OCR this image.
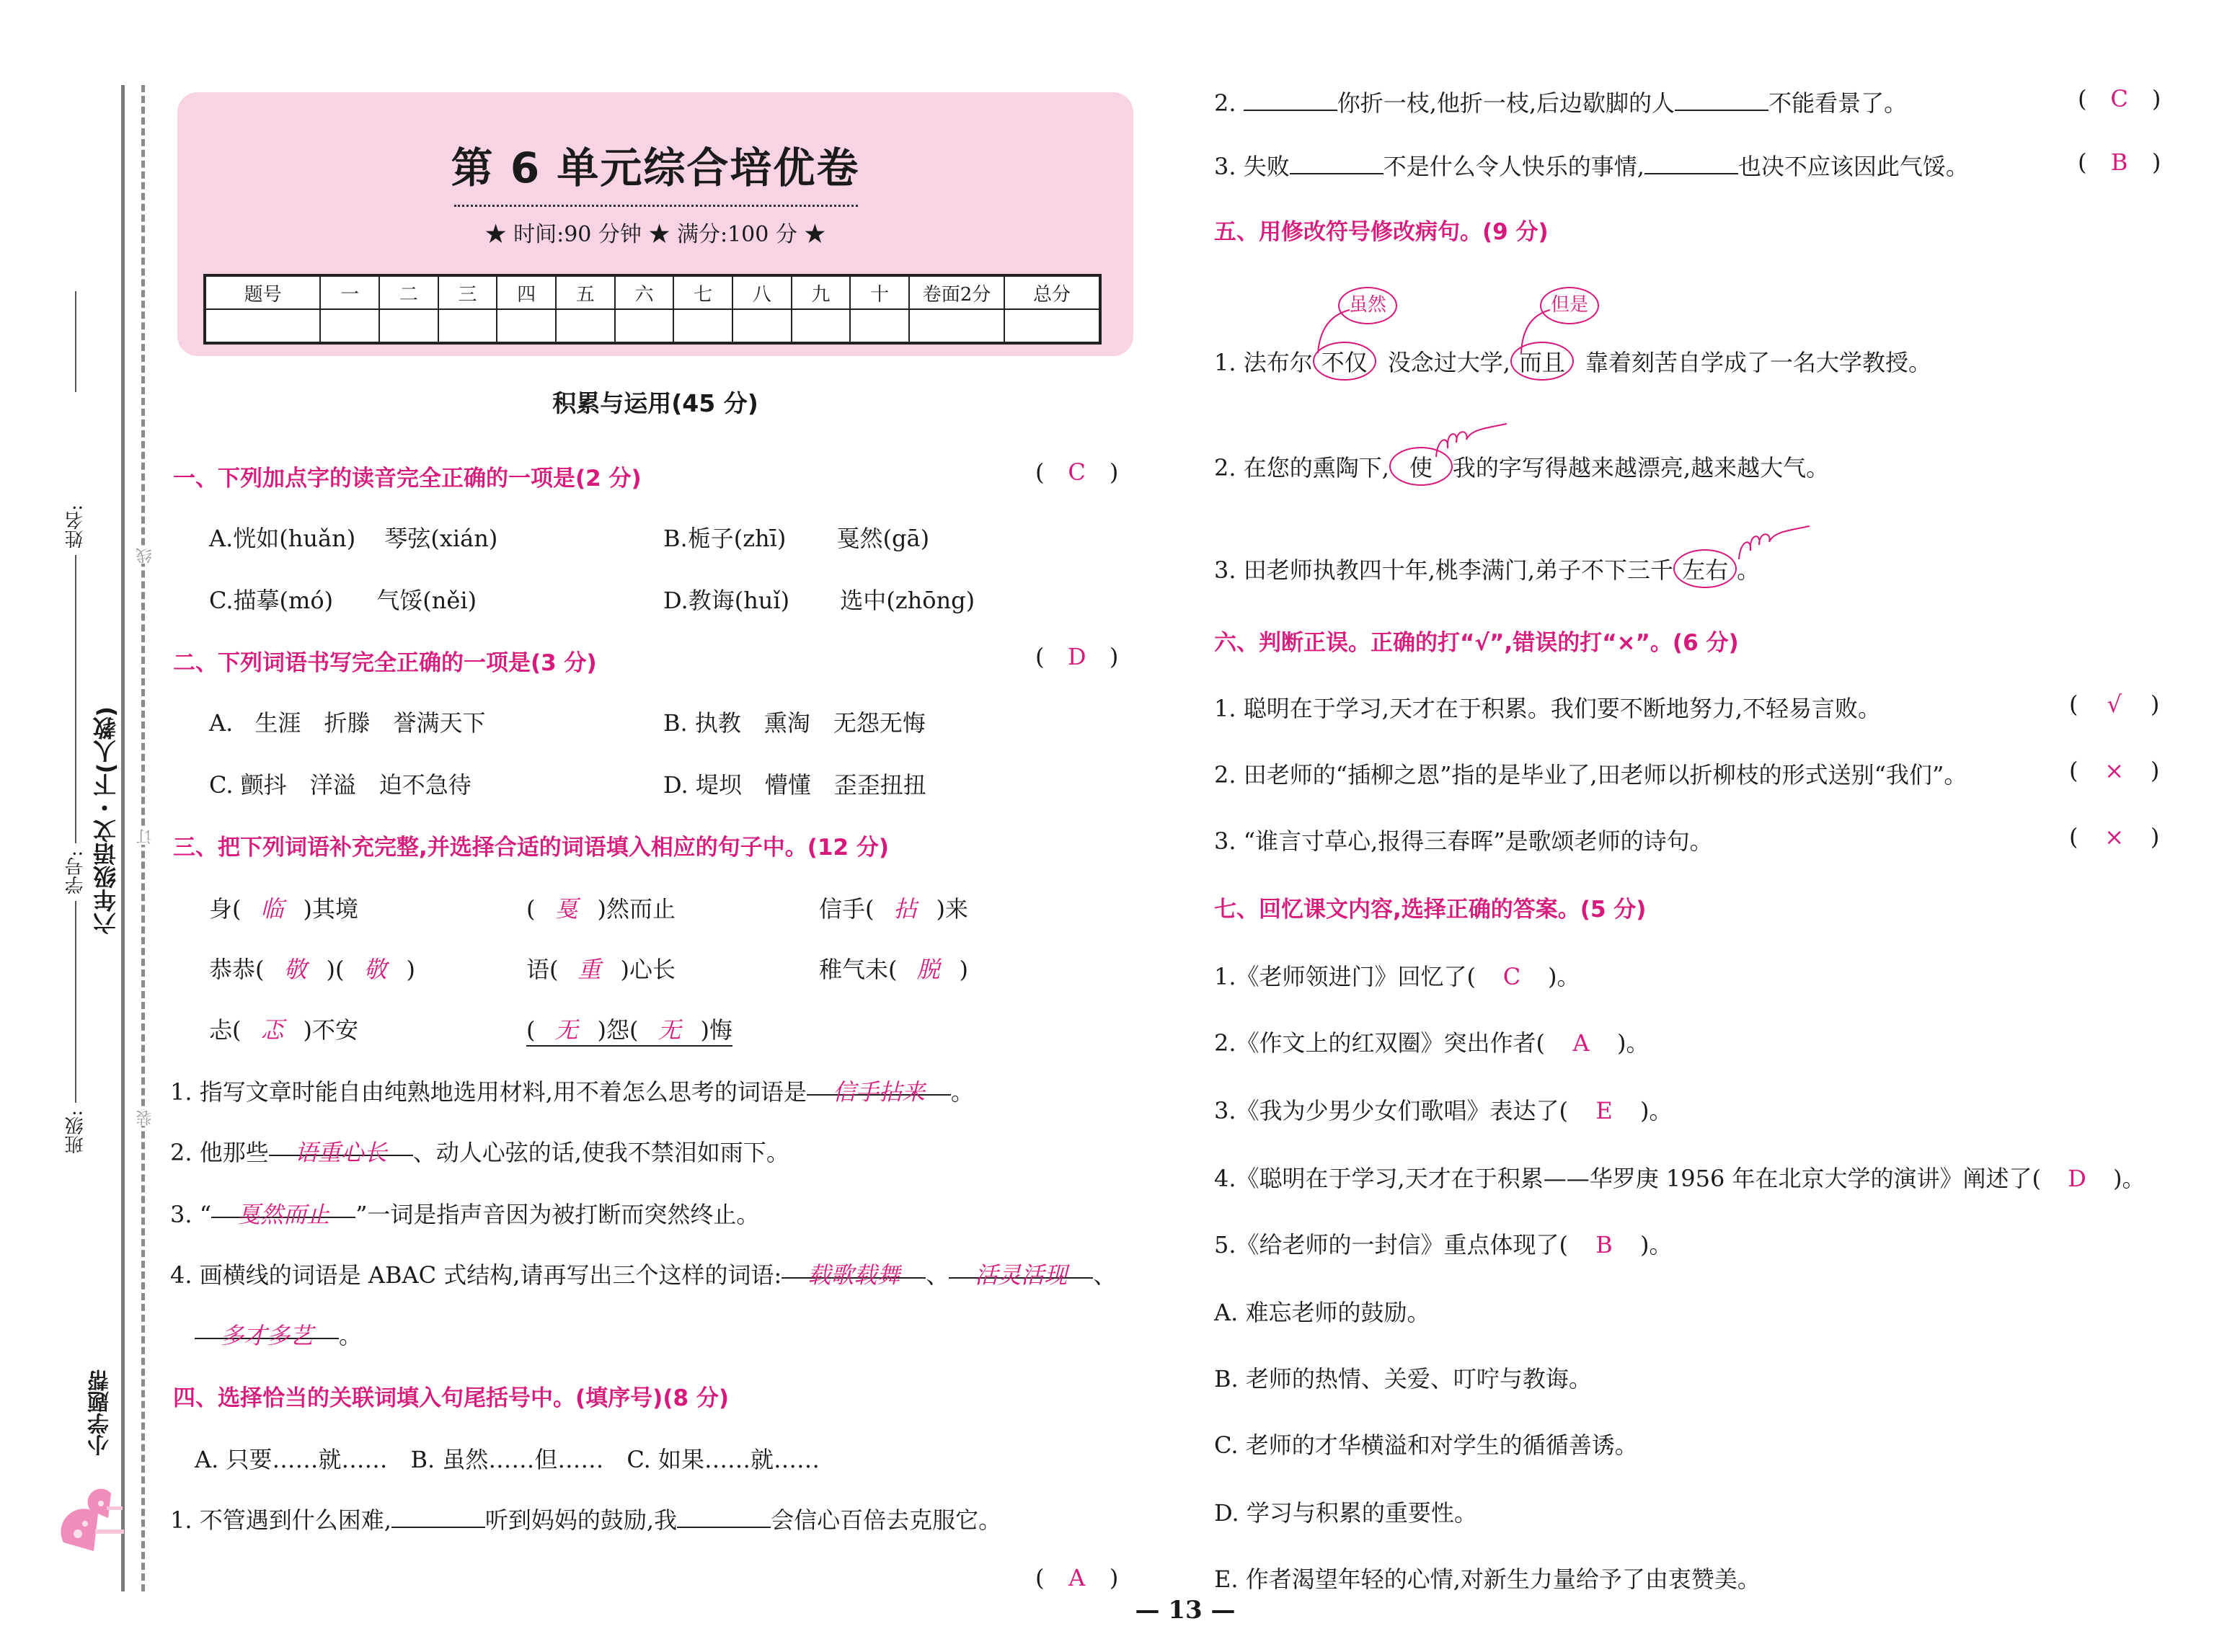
姓名:
学号:
班级:
六年级语文・下(人教)
线
订
装
小学题帮
第 6 单元综合培优卷
★ 时间:90 分钟 ★ 满分:100 分 ★
题号	一	二	三	四	五	六	七	八	九	十	卷面2分	总分

积累与运用(45 分)
一、下列加点字的读音完全正确的一项是(2 分)	( C )
A.恍如(huǎn) 琴弦(xián)	B.栀子(zhī) 戛然(gā)
C.描摹(mó) 气馁(něi)	D.教诲(huǐ) 选中(zhōng)
二、下列词语书写完全正确的一项是(3 分)	( D )
A. 生涯　折滕　誉满天下	B. 执教　熏淘　无怨无悔
C. 颤抖　洋溢　迫不急待	D. 堤坝　懵懂　歪歪扭扭
三、把下列词语补充完整,并选择合适的词语填入相应的句子中。(12 分)
身( 临 )其境	( 戛 )然而止	信手( 拈 )来
恭恭( 敬 )( 敬 )	语( 重 )心长	稚气未( 脱 )
忐( 忑 )不安	( 无 )怨( 无 )悔
1. 指写文章时能自由纯熟地选用材料,用不着怎么思考的词语是 信手拈来 。
2. 他那些 语重心长 、动人心弦的话,使我不禁泪如雨下。
3. “ 戛然而止 ”一词是指声音因为被打断而突然终止。
4. 画横线的词语是 ABAC 式结构,请再写出三个这样的词语: 载歌载舞 、 活灵活现 、
多才多艺 。
四、选择恰当的关联词填入句尾括号中。(填序号)(8 分)
A. 只要……就……　B. 虽然……但……　C. 如果……就……
1. 不管遇到什么困难,	听到妈妈的鼓励,我	会信心百倍去克服它。
( A )
2.	你折一枝,他折一枝,后边歇脚的人	不能看景了。	( C )
3. 失败	不是什么令人快乐的事情,	也决不应该因此气馁。	( B )
五、用修改符号修改病句。(9 分)
虽然	但是
1. 法布尔 不仅 没念过大学, 而且 靠着刻苦自学成了一名大学教授。
2. 在您的熏陶下, 使 我的字写得越来越漂亮,越来越大气。
3. 田老师执教四十年,桃李满门,弟子不下三千 左右 。
六、判断正误。正确的打“√”,错误的打“×”。(6 分)
1. 聪明在于学习,天才在于积累。我们要不断地努力,不轻易言败。	( √ )
2. 田老师的“插柳之恩”指的是毕业了,田老师以折柳枝的形式送别“我们”。	( × )
3. “谁言寸草心,报得三春晖”是歌颂老师的诗句。	( × )
七、回忆课文内容,选择正确的答案。(5 分)
1.《老师领进门》回忆了( C )。
2.《作文上的红双圈》突出作者( A )。
3.《我为少男少女们歌唱》表达了( E )。
4.《聪明在于学习,天才在于积累——华罗庚 1956 年在北京大学的演讲》阐述了( D )。
5.《给老师的一封信》重点体现了( B )。
A. 难忘老师的鼓励。
B. 老师的热情、关爱、叮咛与教诲。
C. 老师的才华横溢和对学生的循循善诱。
D. 学习与积累的重要性。
E. 作者渴望年轻的心情,对新生力量给予了由衷赞美。
— 13 —
